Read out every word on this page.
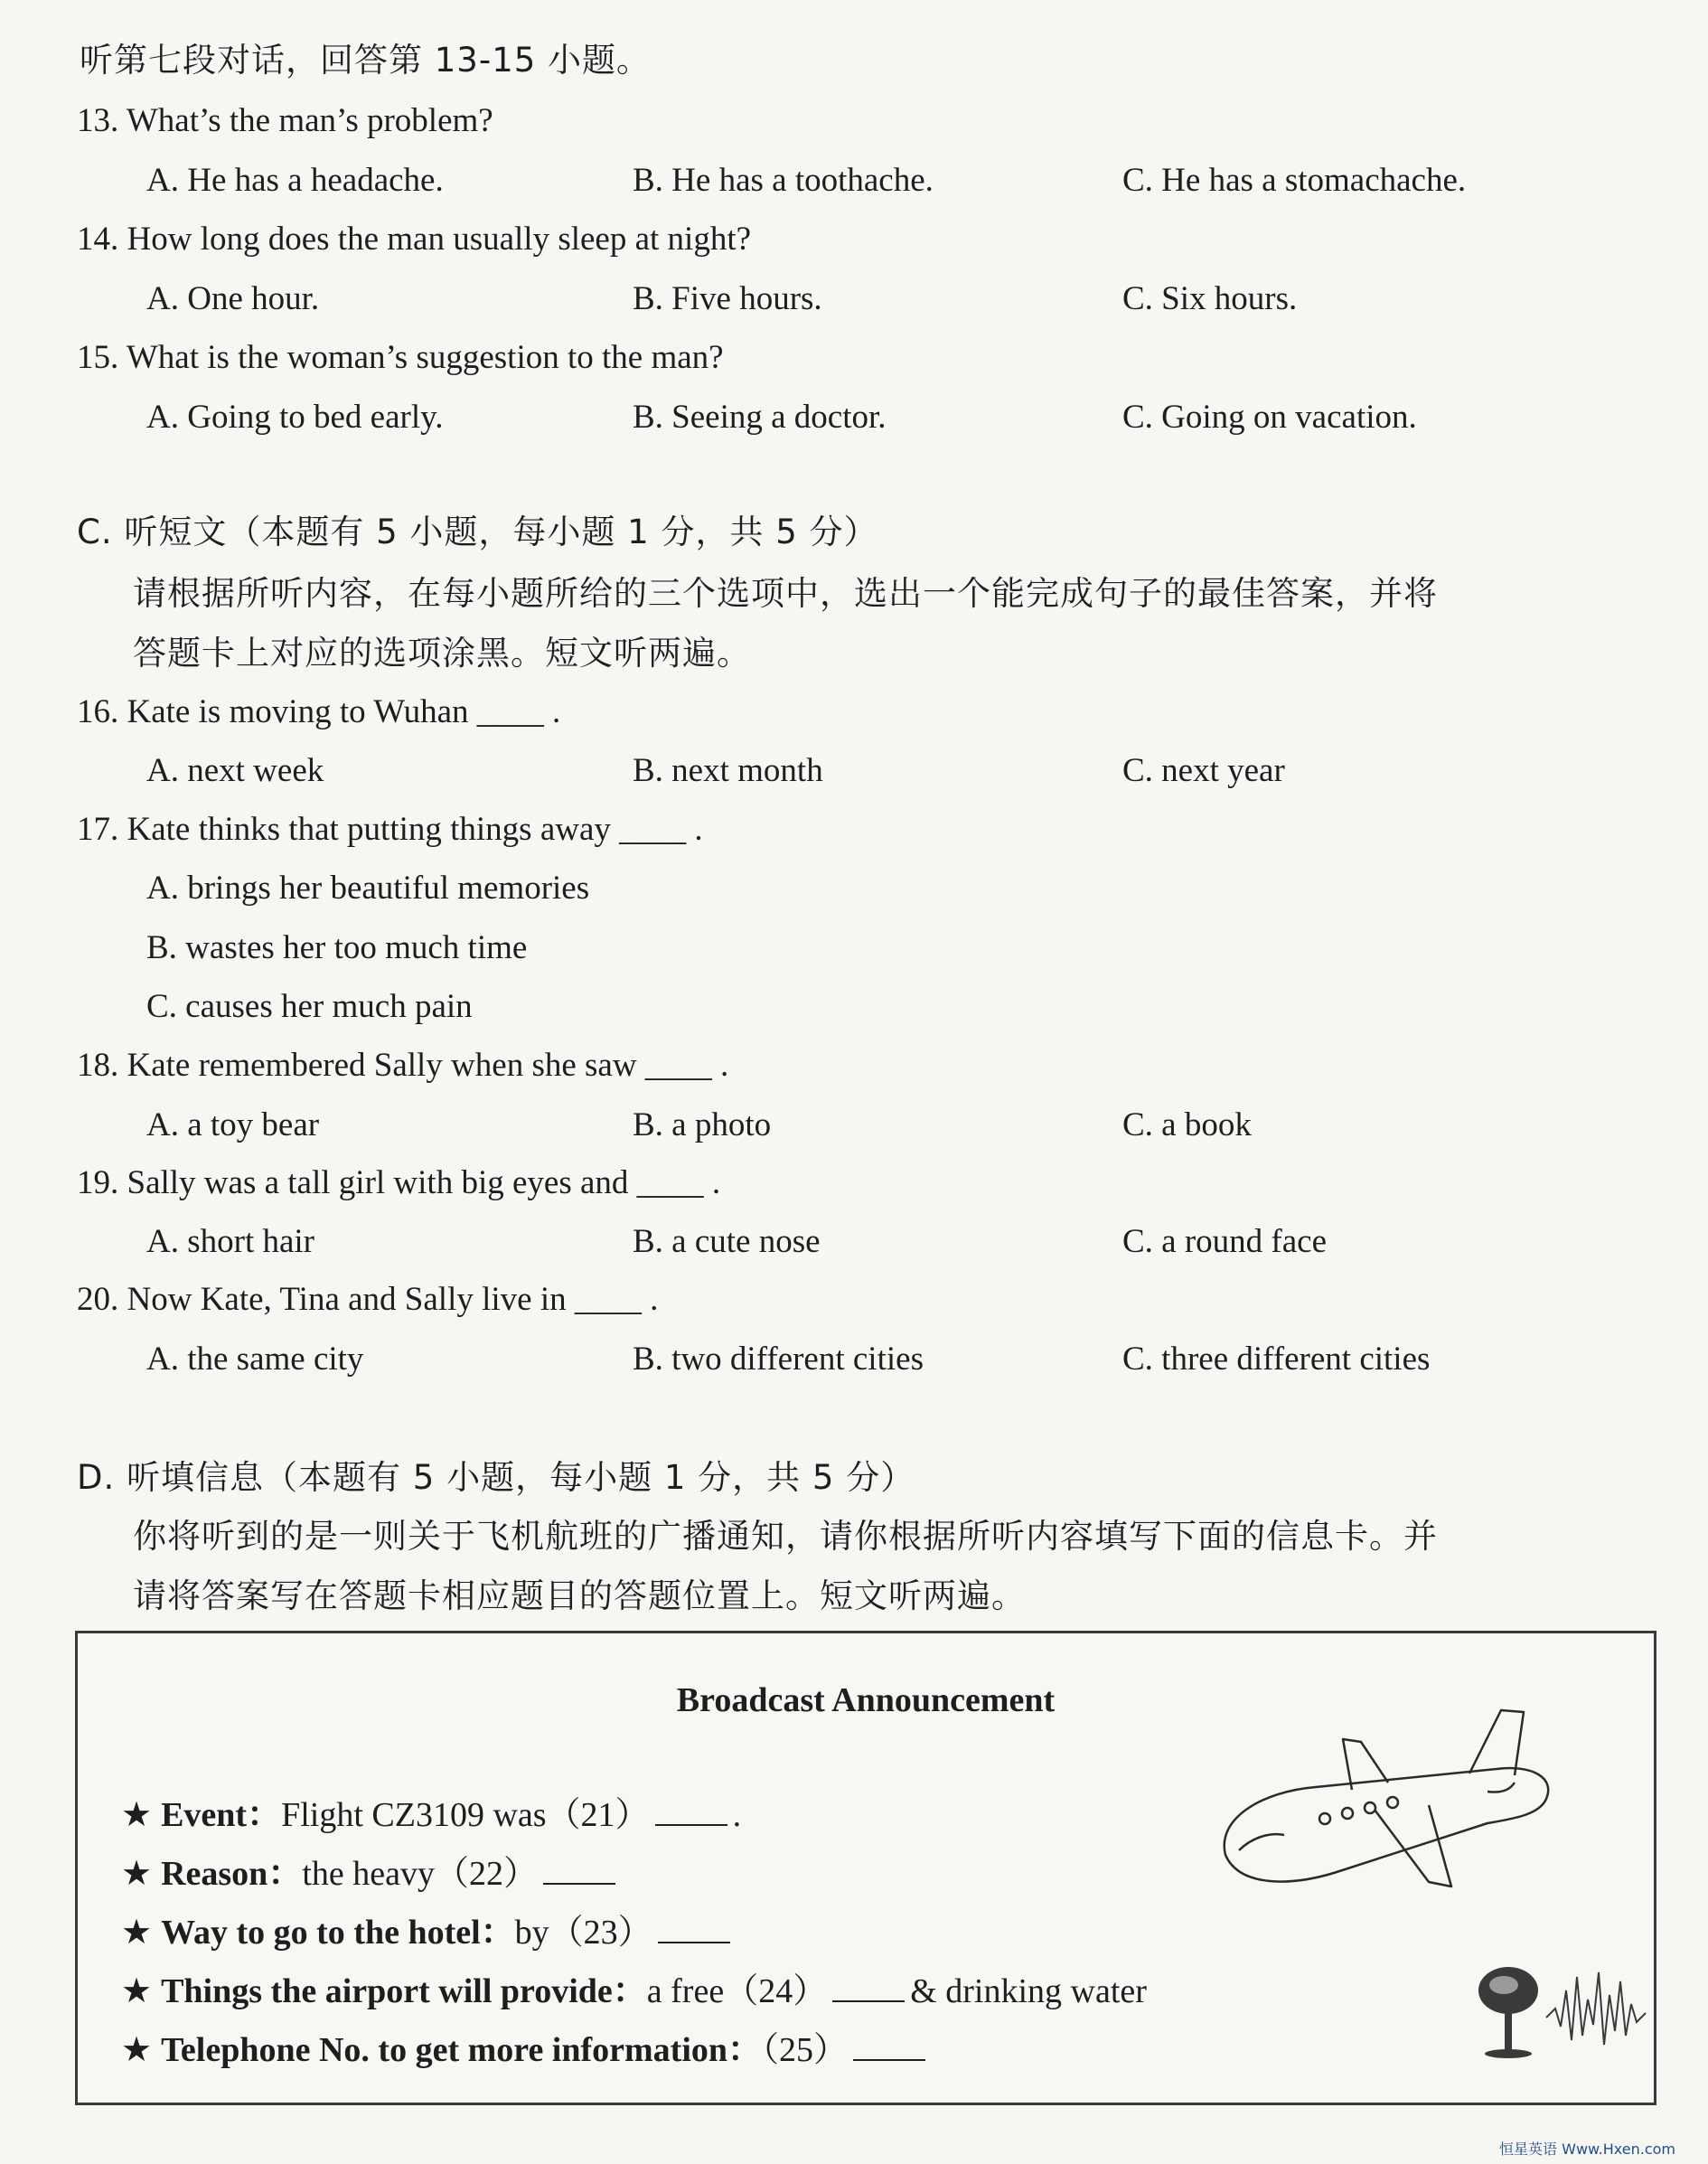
听第七段对话，回答第 13-15 小题。
13. What’s the man’s problem?
A. He has a headache.	B. He has a toothache.	C. He has a stomachache.
14. How long does the man usually sleep at night?
A. One hour.	B. Five hours.	C. Six hours.
15. What is the woman’s suggestion to the man?
A. Going to bed early.	B. Seeing a doctor.	C. Going on vacation.
C. 听短文（本题有 5 小题，每小题 1 分，共 5 分）
请根据所听内容，在每小题所给的三个选项中，选出一个能完成句子的最佳答案，并将
答题卡上对应的选项涂黑。短文听两遍。
16. Kate is moving to Wuhan ____ .
A. next week	B. next month	C. next year
17. Kate thinks that putting things away ____ .
A. brings her beautiful memories
B. wastes her too much time
C. causes her much pain
18. Kate remembered Sally when she saw ____ .
A. a toy bear	B. a photo	C. a book
19. Sally was a tall girl with big eyes and ____ .
A. short hair	B. a cute nose	C. a round face
20. Now Kate, Tina and Sally live in ____ .
A. the same city	B. two different cities	C. three different cities
D. 听填信息（本题有 5 小题，每小题 1 分，共 5 分）
你将听到的是一则关于飞机航班的广播通知，请你根据所听内容填写下面的信息卡。并
请将答案写在答题卡相应题目的答题位置上。短文听两遍。
Broadcast Announcement
★ Event：Flight CZ3109 was（21） .
★ Reason：the heavy（22）
★ Way to go to the hotel：by（23）
★ Things the airport will provide：a free（24） & drinking water
★ Telephone No. to get more information：（25）
恒星英语 Www.Hxen.com
